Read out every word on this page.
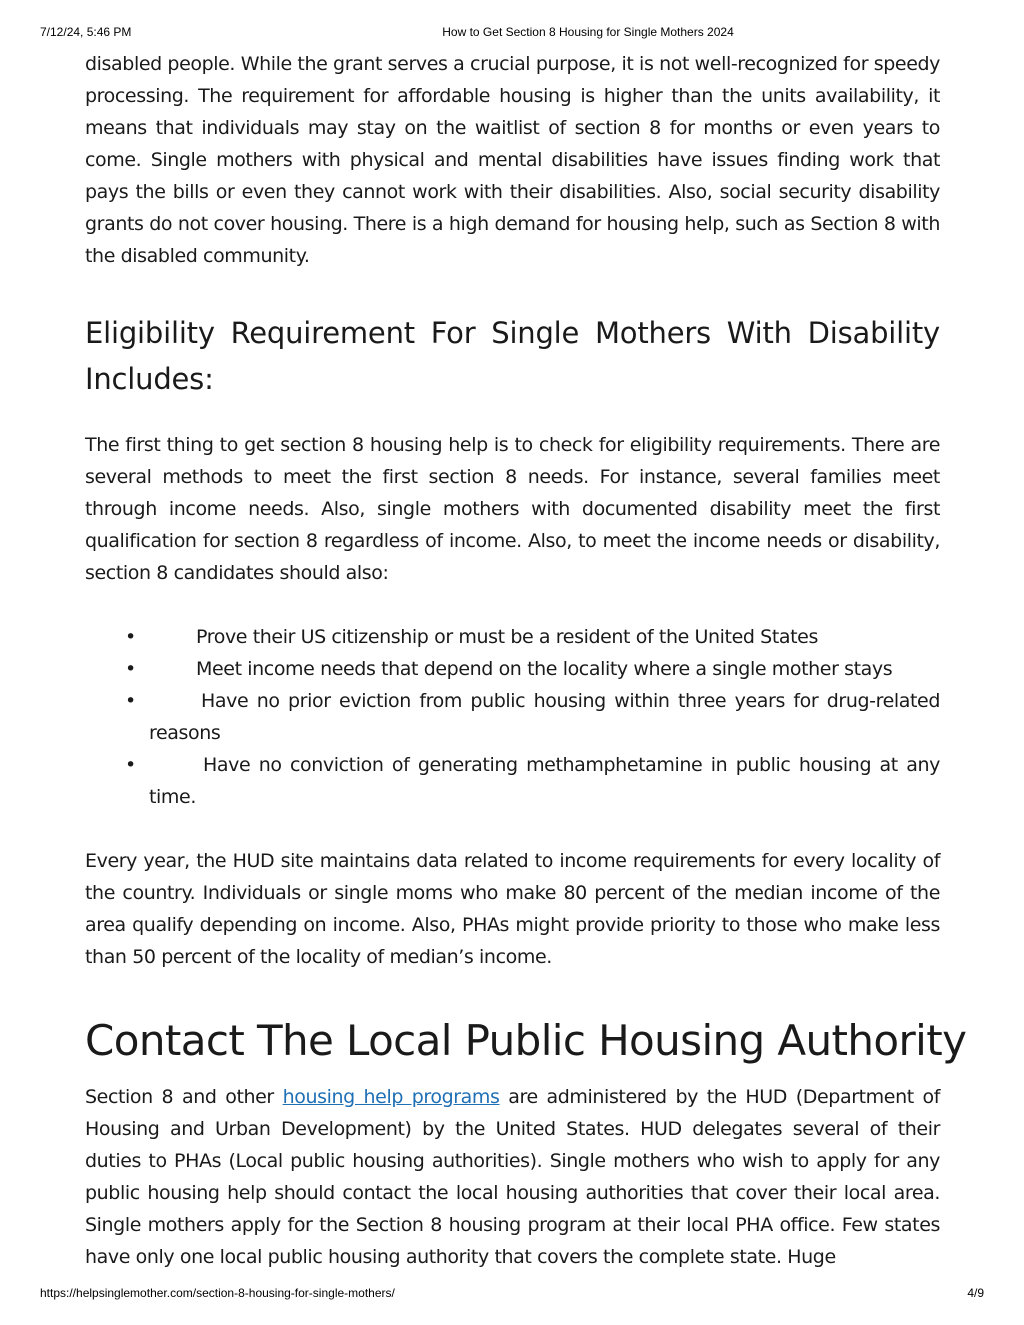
7/12/24, 5:46 PM	How to Get Section 8 Housing for Single Mothers 2024

disabled people. While the grant serves a crucial purpose, it is not well-recognized for speedy processing. The requirement for affordable housing is higher than the units availability, it means that individuals may stay on the waitlist of section 8 for months or even years to come. Single mothers with physical and mental disabilities have issues finding work that pays the bills or even they cannot work with their disabilities. Also, social security disability grants do not cover housing. There is a high demand for housing help, such as Section 8 with the disabled community.

Eligibility Requirement For Single Mothers With Disability Includes:

The first thing to get section 8 housing help is to check for eligibility requirements. There are several methods to meet the first section 8 needs. For instance, several families meet through income needs. Also, single mothers with documented disability meet the first qualification for section 8 regardless of income. Also, to meet the income needs or disability, section 8 candidates should also:

•	Prove their US citizenship or must be a resident of the United States
•	Meet income needs that depend on the locality where a single mother stays
•	Have no prior eviction from public housing within three years for drug-related reasons
•	Have no conviction of generating methamphetamine in public housing at any time.

Every year, the HUD site maintains data related to income requirements for every locality of the country. Individuals or single moms who make 80 percent of the median income of the area qualify depending on income. Also, PHAs might provide priority to those who make less than 50 percent of the locality of median’s income.

Contact The Local Public Housing Authority

Section 8 and other housing help programs are administered by the HUD (Department of Housing and Urban Development) by the United States. HUD delegates several of their duties to PHAs (Local public housing authorities). Single mothers who wish to apply for any public housing help should contact the local housing authorities that cover their local area. Single mothers apply for the Section 8 housing program at their local PHA office. Few states have only one local public housing authority that covers the complete state. Huge

https://helpsinglemother.com/section-8-housing-for-single-mothers/	4/9
